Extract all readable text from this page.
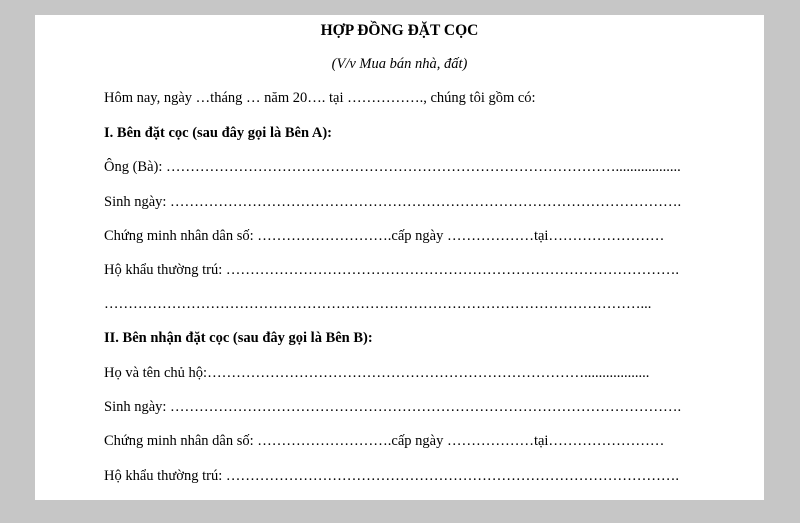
HỢP ĐỒNG ĐẶT CỌC
(V/v Mua bán nhà, đất)
Hôm nay, ngày …tháng … năm 20…. tại ……………., chúng tôi gồm có:
I. Bên đặt cọc (sau đây gọi là Bên A):
Ông (Bà): …………………………………………………………………………………..................
Sinh ngày: …………………………………………………………………………………………….
Chứng minh nhân dân số: ……………………….cấp ngày ………………tại……………………
Hộ khẩu thường trú: ………………………………………………………………………………….
…………………………………………………………………………………………………...
II. Bên nhận đặt cọc (sau đây gọi là Bên B):
Họ và tên chủ hộ:……………………………………………………………………..................
Sinh ngày: …………………………………………………………………………………………….
Chứng minh nhân dân số: ……………………….cấp ngày ………………tại……………………
Hộ khẩu thường trú: ………………………………………………………………………………….
